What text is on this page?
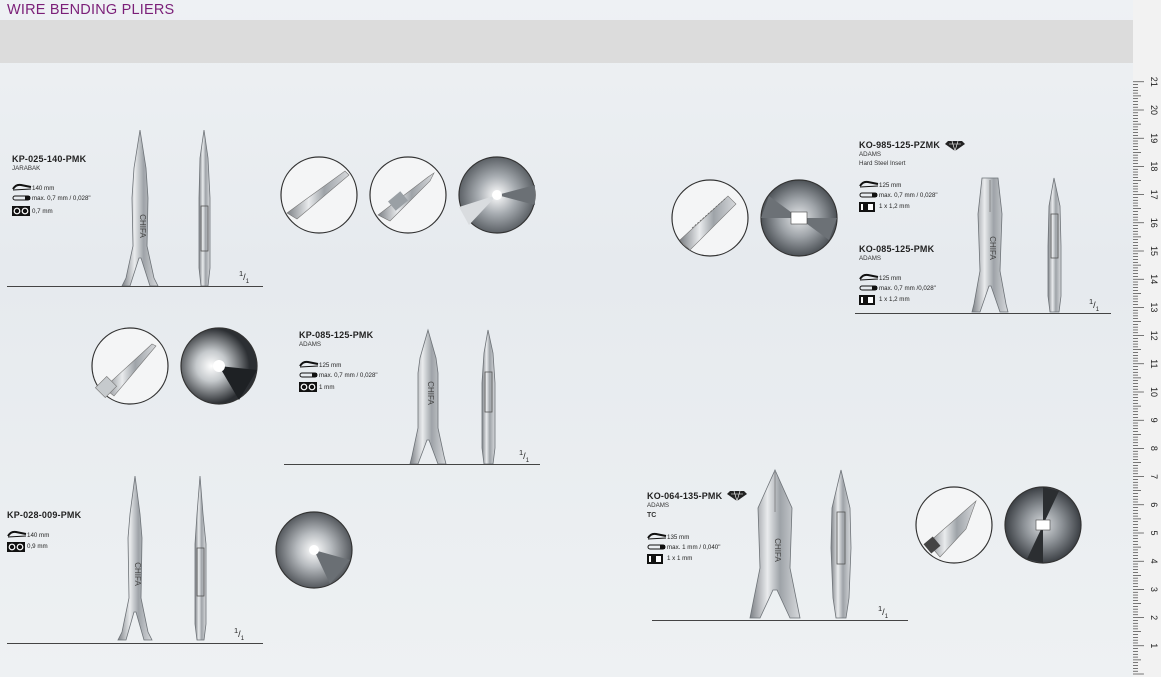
WIRE BENDING PLIERS
1
2
3
4
5
6
7
8
9
10
11
12
13
14
15
16
17
18
19
20
21
KP-025-140-PMK
JARABAK
140 mm
max. 0,7 mm / 0,028"
0,7 mm
CHIFA
$^1/_1$
KP-085-125-PMK
ADAMS
125 mm
max. 0,7 mm / 0,028"
1 mm	CHIFA
$^1/_1$
KP-028-009-PMK
140 mm
0,9 mm
CHIFA
$^1/_1$
KO-985-125-PZMK
ADAMS
Hard Steel Insert
125 mm
max. 0,7 mm / 0,028"
1 x 1,2 mm
KO-085-125-PMK
ADAMS
125 mm
max. 0,7 mm /0,028"
1 x 1,2 mm
CHIFA
$^1/_1$
KO-064-135-PMK
ADAMS
TC
135 mm
max. 1 mm / 0,040"
1 x 1 mm	CHIFA
$^1/_1$
